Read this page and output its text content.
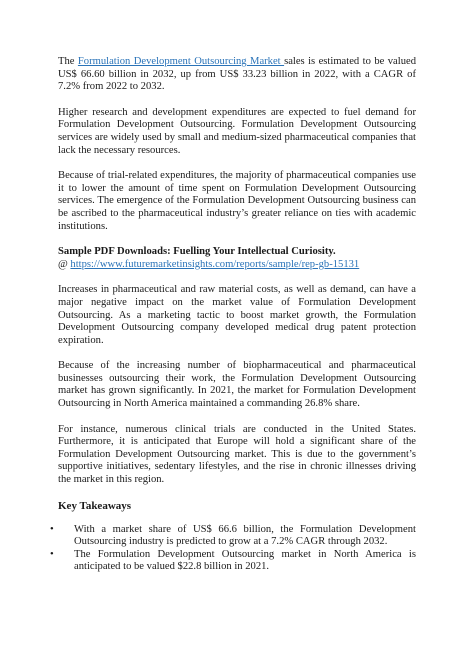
The Formulation Development Outsourcing Market sales is estimated to be valued US$ 66.60 billion in 2032, up from US$ 33.23 billion in 2022, with a CAGR of 7.2% from 2022 to 2032.

Higher research and development expenditures are expected to fuel demand for Formulation Development Outsourcing. Formulation Development Outsourcing services are widely used by small and medium-sized pharmaceutical companies that lack the necessary resources.

Because of trial-related expenditures, the majority of pharmaceutical companies use it to lower the amount of time spent on Formulation Development Outsourcing services. The emergence of the Formulation Development Outsourcing business can be ascribed to the pharmaceutical industry’s greater reliance on ties with academic institutions.

Sample PDF Downloads: Fuelling Your Intellectual Curiosity.

@ https://www.futuremarketinsights.com/reports/sample/rep-gb-15131

Increases in pharmaceutical and raw material costs, as well as demand, can have a major negative impact on the market value of Formulation Development Outsourcing. As a marketing tactic to boost market growth, the Formulation Development Outsourcing company developed medical drug patent protection expiration.

Because of the increasing number of biopharmaceutical and pharmaceutical businesses outsourcing their work, the Formulation Development Outsourcing market has grown significantly. In 2021, the market for Formulation Development Outsourcing in North America maintained a commanding 26.8% share.

For instance, numerous clinical trials are conducted in the United States. Furthermore, it is anticipated that Europe will hold a significant share of the Formulation Development Outsourcing market. This is due to the government’s supportive initiatives, sedentary lifestyles, and the rise in chronic illnesses driving the market in this region.

Key Takeaways
• With a market share of US$ 66.6 billion, the Formulation Development Outsourcing industry is predicted to grow at a 7.2% CAGR through 2032.
• The Formulation Development Outsourcing market in North America is anticipated to be valued $22.8 billion in 2021.
